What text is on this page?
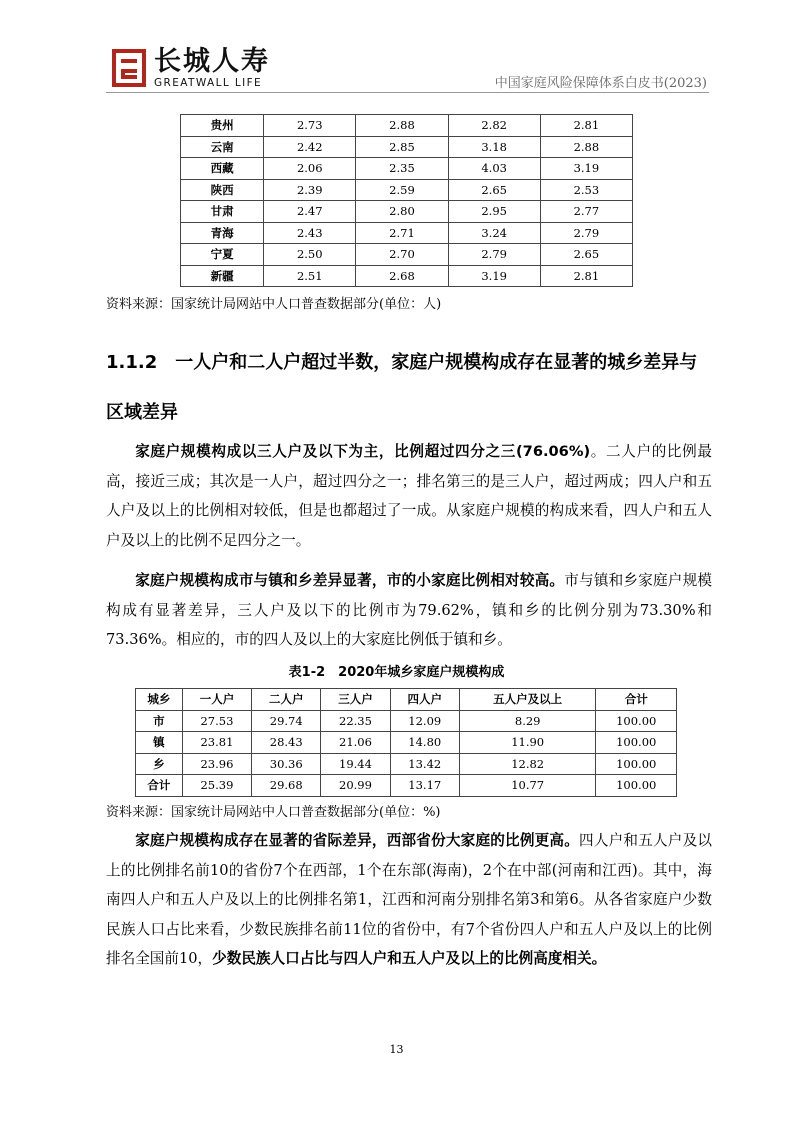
长城人寿
GREATWALL LIFE	中国家庭风险保障体系白皮书(2023)
贵州	2.73	2.88	2.82	2.81
云南	2.42	2.85	3.18	2.88
西藏	2.06	2.35	4.03	3.19
陕西	2.39	2.59	2.65	2.53
甘肃	2.47	2.80	2.95	2.77
青海	2.43	2.71	3.24	2.79
宁夏	2.50	2.70	2.79	2.65
新疆	2.51	2.68	3.19	2.81
资料来源：国家统计局网站中人口普查数据部分(单位：人)
1.1.2　一人户和二人户超过半数，家庭户规模构成存在显著的城乡差异与区域差异

家庭户规模构成以三人户及以下为主，比例超过四分之三(76.06%)。二人户的比例最高，接近三成；其次是一人户，超过四分之一；排名第三的是三人户，超过两成；四人户和五人户及以上的比例相对较低，但是也都超过了一成。从家庭户规模的构成来看，四人户和五人户及以上的比例不足四分之一。

家庭户规模构成市与镇和乡差异显著，市的小家庭比例相对较高。市与镇和乡家庭户规模构成有显著差异，三人户及以下的比例市为79.62%，镇和乡的比例分别为73.30%和73.36%。相应的，市的四人及以上的大家庭比例低于镇和乡。

表1-2　2020年城乡家庭户规模构成
城乡	一人户	二人户	三人户	四人户	五人户及以上	合计
市	27.53	29.74	22.35	12.09	8.29	100.00
镇	23.81	28.43	21.06	14.80	11.90	100.00
乡	23.96	30.36	19.44	13.42	12.82	100.00
合计	25.39	29.68	20.99	13.17	10.77	100.00
资料来源：国家统计局网站中人口普查数据部分(单位：%)

家庭户规模构成存在显著的省际差异，西部省份大家庭的比例更高。四人户和五人户及以上的比例排名前10的省份7个在西部，1个在东部(海南)，2个在中部(河南和江西)。其中，海南四人户和五人户及以上的比例排名第1，江西和河南分别排名第3和第6。从各省家庭户少数民族人口占比来看，少数民族排名前11位的省份中，有7个省份四人户和五人户及以上的比例排名全国前10，少数民族人口占比与四人户和五人户及以上的比例高度相关。

13
